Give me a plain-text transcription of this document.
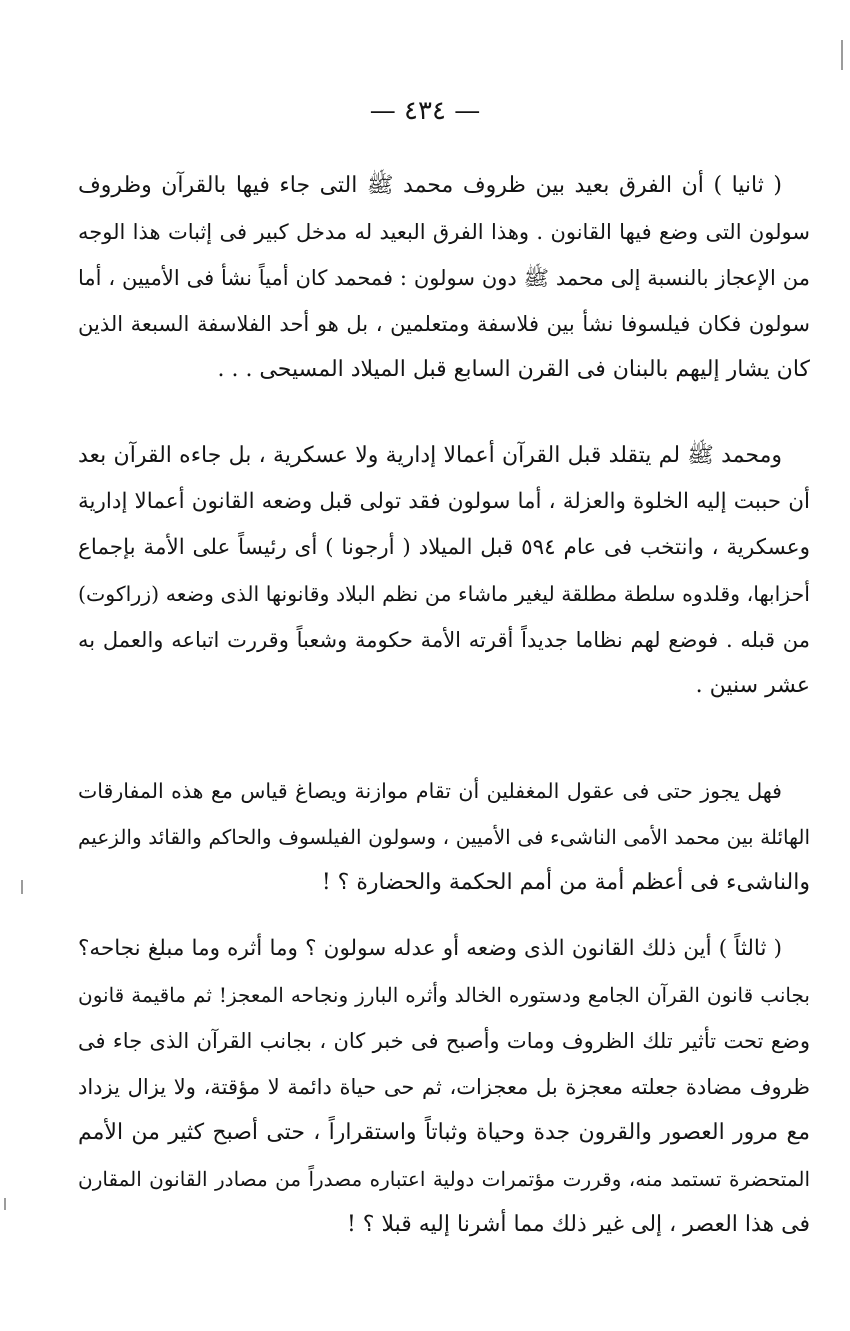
— ٤٣٤ —
( ثانيا ) أن الفرق بعيد بين ظروف محمد ﷺ التى جاء فيها بالقرآن وظروف
سولون التى وضع فيها القانون . وهذا الفرق البعيد له مدخل كبير فى إثبات هذا الوجه
من الإعجاز بالنسبة إلى محمد ﷺ دون سولون : فمحمد كان أمياً نشأ فى الأميين ، أما
سولون فكان فيلسوفا نشأ بين فلاسفة ومتعلمين ، بل هو أحد الفلاسفة السبعة الذين
كان يشار إليهم بالبنان فى القرن السابع قبل الميلاد المسيحى . . .
ومحمد ﷺ لم يتقلد قبل القرآن أعمالا إدارية ولا عسكرية ، بل جاءه القرآن بعد
أن حببت إليه الخلوة والعزلة ، أما سولون فقد تولى قبل وضعه القانون أعمالا إدارية
وعسكرية ، وانتخب فى عام ٥٩٤ قبل الميلاد ( أرجونا ) أى رئيساً على الأمة بإجماع
أحزابها، وقلدوه سلطة مطلقة ليغير ماشاء من نظم البلاد وقانونها الذى وضعه (زراكوت)
من قبله . فوضع لهم نظاما جديداً أقرته الأمة حكومة وشعباً وقررت اتباعه والعمل به
عشر سنين .
فهل يجوز حتى فى عقول المغفلين أن تقام موازنة ويصاغ قياس مع هذه المفارقات
الهائلة بين محمد الأمى الناشىء فى الأميين ، وسولون الفيلسوف والحاكم والقائد والزعيم
والناشىء فى أعظم أمة من أمم الحكمة والحضارة ؟ !
( ثالثاً ) أين ذلك القانون الذى وضعه أو عدله سولون ؟ وما أثره وما مبلغ نجاحه؟
بجانب قانون القرآن الجامع ودستوره الخالد وأثره البارز ونجاحه المعجز! ثم ماقيمة قانون
وضع تحت تأثير تلك الظروف ومات وأصبح فى خبر كان ، بجانب القرآن الذى جاء فى
ظروف مضادة جعلته معجزة بل معجزات، ثم حى حياة دائمة لا مؤقتة، ولا يزال يزداد
مع مرور العصور والقرون جدة وحياة وثباتاً واستقراراً ، حتى أصبح كثير من الأمم
المتحضرة تستمد منه، وقررت مؤتمرات دولية اعتباره مصدراً من مصادر القانون المقارن
فى هذا العصر ، إلى غير ذلك مما أشرنا إليه قبلا ؟ !
